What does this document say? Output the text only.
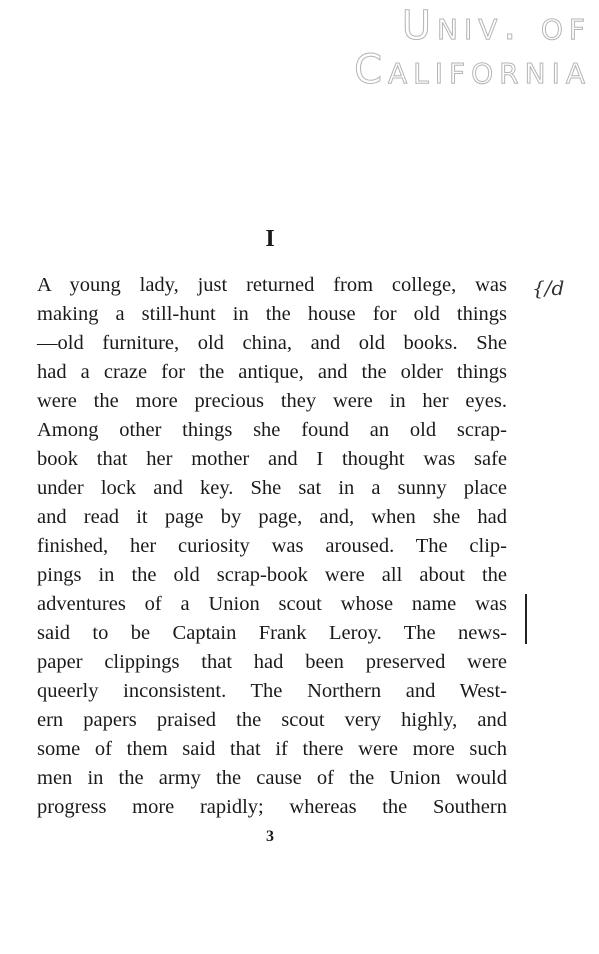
Univ. of
California
I
{/d
A young lady, just returned from college, was
making a still-hunt in the house for old things
—old furniture, old china, and old books. She
had a craze for the antique, and the older things
were the more precious they were in her eyes.
Among other things she found an old scrap-
book that her mother and I thought was safe
under lock and key. She sat in a sunny place
and read it page by page, and, when she had
finished, her curiosity was aroused. The clip-
pings in the old scrap-book were all about the
adventures of a Union scout whose name was
said to be Captain Frank Leroy. The news-
paper clippings that had been preserved were
queerly inconsistent. The Northern and West-
ern papers praised the scout very highly, and
some of them said that if there were more such
men in the army the cause of the Union would
progress more rapidly; whereas the Southern
3
